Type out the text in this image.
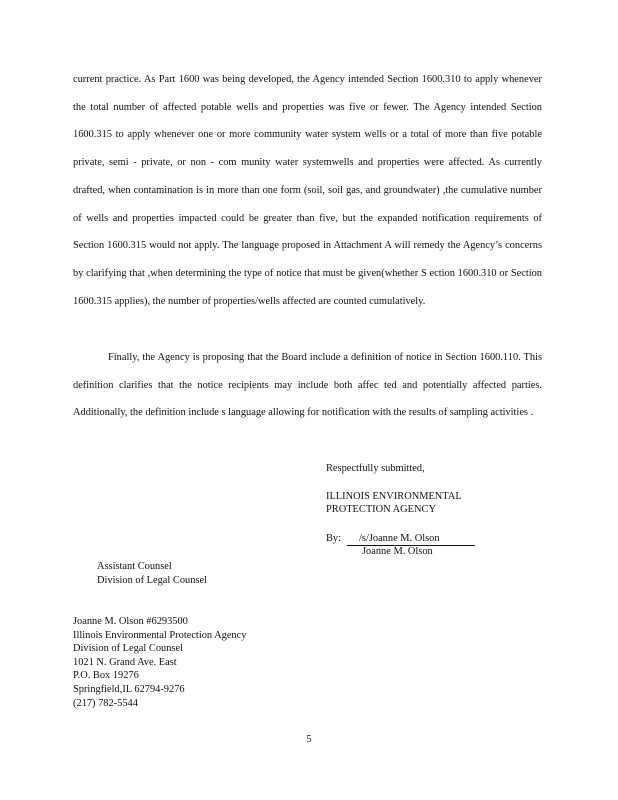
current practice. As Part 1600 was being developed, the Agency intended Section 1600.310 to apply whenever the total number of affected potable wells and properties was five or fewer. The Agency intended Section 1600.315 to apply whenever one or more community water system wells or a total of more than five potable private, semi - private, or non - com munity water systemwells and properties were affected. As currently drafted, when contamination is in more than one form (soil, soil gas, and groundwater) ,the cumulative number of wells and properties impacted could be greater than five, but the expanded notification requirements of Section 1600.315 would not apply. The language proposed in Attachment A will remedy the Agency’s concerns by clarifying that ,when determining the type of notice that must be given(whether S ection 1600.310 or Section 1600.315 applies), the number of properties/wells affected are counted cumulatively.

Finally, the Agency is proposing that the Board include a definition of notice in Section 1600.110. This definition clarifies that the notice recipients may include both affec ted and potentially affected parties. Additionally, the definition include s language allowing for notification with the results of sampling activities .

Respectfully submitted,

ILLINOIS ENVIRONMENTAL
PROTECTION AGENCY

By: /s/Joanne M. Olson

Joanne M. Olson

Assistant Counsel
Division of Legal Counsel

Joanne M. Olson #6293500
Illinois Environmental Protection Agency
Division of Legal Counsel
1021 N. Grand Ave. East
P.O. Box 19276
Springfield,IL 62794-9276
(217) 782-5544

5
